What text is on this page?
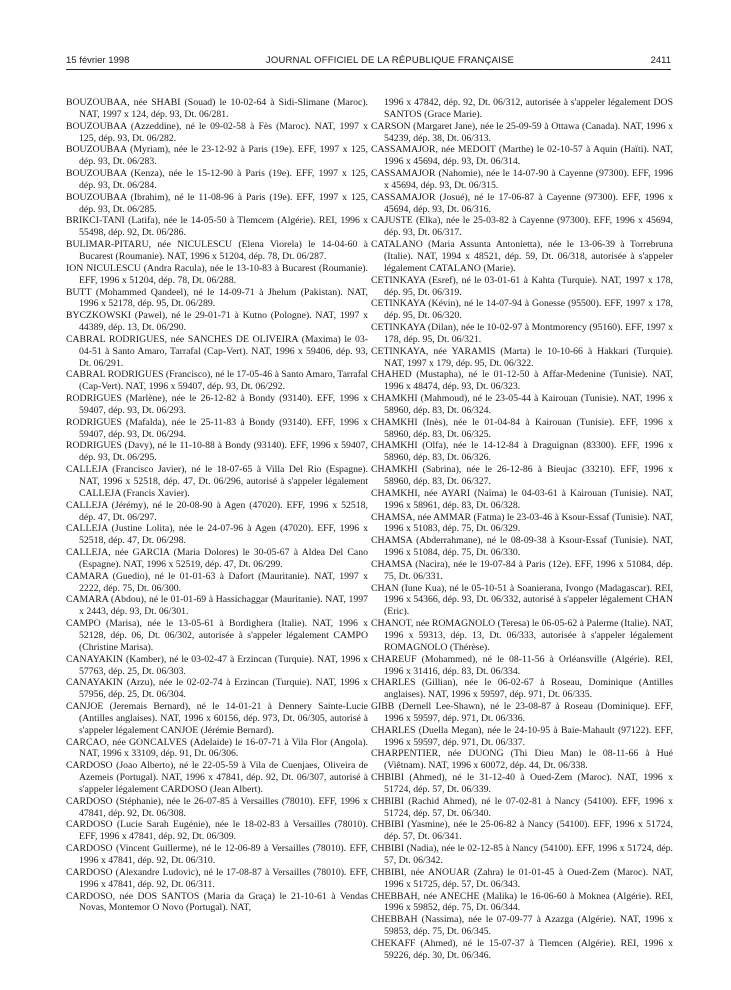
15 février 1998	JOURNAL OFFICIEL DE LA RÉPUBLIQUE FRANÇAISE	2411

BOUZOUBAA, née SHABI (Souad) le 10-02-64 à Sidi-Slimane (Maroc). NAT, 1997 x 124, dép. 93, Dt. 06/281.

BOUZOUBAA (Azzeddine), né le 09-02-58 à Fès (Maroc). NAT, 1997 x 125, dép. 93, Dt. 06/282.

BOUZOUBAA (Myriam), née le 23-12-92 à Paris (19e). EFF, 1997 x 125, dép. 93, Dt. 06/283.

BOUZOUBAA (Kenza), née le 15-12-90 à Paris (19e). EFF, 1997 x 125, dép. 93, Dt. 06/284.

BOUZOUBAA (Ibrahim), né le 11-08-96 à Paris (19e). EFF, 1997 x 125, dép. 93, Dt. 06/285.

BRIKCI-TANI (Latifa), née le 14-05-50 à Tlemcem (Algérie). REI, 1996 x 55498, dép. 92, Dt. 06/286.

BULIMAR-PITARU, née NICULESCU (Elena Viorela) le 14-04-60 à Bucarest (Roumanie). NAT, 1996 x 51204, dép. 78, Dt. 06/287.

ION NICULESCU (Andra Racula), née le 13-10-83 à Bucarest (Roumanie). EFF, 1996 x 51204, dép. 78, Dt. 06/288.

BUTT (Mohammed Qandeel), né le 14-09-71 à Jhelum (Pakistan). NAT, 1996 x 52178, dép. 95, Dt. 06/289.

BYCZKOWSKI (Pawel), né le 29-01-71 à Kutno (Pologne). NAT, 1997 x 44389, dép. 13, Dt. 06/290.

CABRAL RODRIGUES, née SANCHES DE OLIVEIRA (Maxima) le 03-04-51 à Santo Amaro, Tarrafal (Cap-Vert). NAT, 1996 x 59406, dép. 93, Dt. 06/291.

CABRAL RODRIGUES (Francisco), né le 17-05-46 à Santo Amaro, Tarrafal (Cap-Vert). NAT, 1996 x 59407, dép. 93, Dt. 06/292.

RODRIGUES (Marlène), née le 26-12-82 à Bondy (93140). EFF, 1996 x 59407, dép. 93, Dt. 06/293.

RODRIGUES (Mafalda), née le 25-11-83 à Bondy (93140). EFF, 1996 x 59407, dép. 93, Dt. 06/294.

RODRIGUES (Davy), né le 11-10-88 à Bondy (93140). EFF, 1996 x 59407, dép. 93, Dt. 06/295.

CALLEJA (Francisco Javier), né le 18-07-65 à Villa Del Rio (Espagne). NAT, 1996 x 52518, dép. 47, Dt. 06/296, autorisé à s'appeler légalement CALLEJA (Francis Xavier).

CALLEJA (Jérémy), né le 20-08-90 à Agen (47020). EFF, 1996 x 52518, dép. 47, Dt. 06/297.

CALLEJA (Justine Lolita), née le 24-07-96 à Agen (47020). EFF, 1996 x 52518, dép. 47, Dt. 06/298.

CALLEJA, née GARCIA (Maria Dolores) le 30-05-67 à Aldea Del Cano (Espagne). NAT, 1996 x 52519, dép. 47, Dt. 06/299.

CAMARA (Guedio), né le 01-01-63 à Dafort (Mauritanie). NAT, 1997 x 2222, dép. 75, Dt. 06/300.

CAMARA (Abdou), né le 01-01-69 à Hassichaggar (Mauritanie). NAT, 1997 x 2443, dép. 93, Dt. 06/301.

CAMPO (Marisa), née le 13-05-61 à Bordighera (Italie). NAT, 1996 x 52128, dép. 06, Dt. 06/302, autorisée à s'appeler légalement CAMPO (Christine Marisa).

CANAYAKIN (Kamber), né le 03-02-47 à Erzincan (Turquie). NAT, 1996 x 57763, dép. 25, Dt. 06/303.

CANAYAKIN (Arzu), née le 02-02-74 à Erzincan (Turquie). NAT, 1996 x 57956, dép. 25, Dt. 06/304.

CANJOE (Jeremais Bernard), né le 14-01-21 à Dennery Sainte-Lucie (Antilles anglaises). NAT, 1996 x 60156, dép. 973, Dt. 06/305, autorisé à s'appeler légalement CANJOE (Jérémie Bernard).

CARCAO, née GONCALVES (Adelaide) le 16-07-71 à Vila Flor (Angola). NAT, 1996 x 33109, dép. 91, Dt. 06/306.

CARDOSO (Joao Alberto), né le 22-05-59 à Vila de Cuenjaes, Oliveira de Azemeis (Portugal). NAT, 1996 x 47841, dép. 92, Dt. 06/307, autorisé à s'appeler légalement CARDOSO (Jean Albert).

CARDOSO (Stéphanie), née le 26-07-85 à Versailles (78010). EFF, 1996 x 47841, dép. 92, Dt. 06/308.

CARDOSO (Lucie Sarah Eugénie), née le 18-02-83 à Versailles (78010). EFF, 1996 x 47841, dép. 92, Dt. 06/309.

CARDOSO (Vincent Guillerme), né le 12-06-89 à Versailles (78010). EFF, 1996 x 47841, dép. 92, Dt. 06/310.

CARDOSO (Alexandre Ludovic), né le 17-08-87 à Versailles (78010). EFF, 1996 x 47841, dép. 92, Dt. 06/311.

CARDOSO, née DOS SANTOS (Maria da Graça) le 21-10-61 à Vendas Novas, Montemor O Novo (Portugal). NAT,

1996 x 47842, dép. 92, Dt. 06/312, autorisée à s'appeler légalement DOS SANTOS (Grace Marie).

CARSON (Margaret Jane), née le 25-09-59 à Ottawa (Canada). NAT, 1996 x 54239, dép. 38, Dt. 06/313.

CASSAMAJOR, née MEDOIT (Marthe) le 02-10-57 à Aquin (Haïti). NAT, 1996 x 45694, dép. 93, Dt. 06/314.

CASSAMAJOR (Nahomie), née le 14-07-90 à Cayenne (97300). EFF, 1996 x 45694, dép. 93, Dt. 06/315.

CASSAMAJOR (Josué), né le 17-06-87 à Cayenne (97300). EFF, 1996 x 45694, dép. 93, Dt. 06/316.

CAJUSTE (Elka), née le 25-03-82 à Cayenne (97300). EFF, 1996 x 45694, dép. 93, Dt. 06/317.

CATALANO (Maria Assunta Antonietta), née le 13-06-39 à Torrebruna (Italie). NAT, 1994 x 48521, dép. 59, Dt. 06/318, autorisée à s'appeler légalement CATALANO (Marie).

CETINKAYA (Esref), né le 03-01-61 à Kahta (Turquie). NAT, 1997 x 178, dép. 95, Dt. 06/319.

CETINKAYA (Kévin), né le 14-07-94 à Gonesse (95500). EFF, 1997 x 178, dép. 95, Dt. 06/320.

CETINKAYA (Dilan), née le 10-02-97 à Montmorency (95160). EFF, 1997 x 178, dép. 95, Dt. 06/321.

CETINKAYA, née YARAMIS (Marta) le 10-10-66 à Hakkari (Turquie). NAT, 1997 x 179, dép. 95, Dt. 06/322.

CHAHED (Mustapha), né le 01-12-50 à Affar-Medenine (Tunisie). NAT, 1996 x 48474, dép. 93, Dt. 06/323.

CHAMKHI (Mahmoud), né le 23-05-44 à Kairouan (Tunisie). NAT, 1996 x 58960, dép. 83, Dt. 06/324.

CHAMKHI (Inès), née le 01-04-84 à Kairouan (Tunisie). EFF, 1996 x 58960, dép. 83, Dt. 06/325.

CHAMKHI (Olfa), née le 14-12-84 à Draguignan (83300). EFF, 1996 x 58960, dép. 83, Dt. 06/326.

CHAMKHI (Sabrina), née le 26-12-86 à Bieujac (33210). EFF, 1996 x 58960, dép. 83, Dt. 06/327.

CHAMKHI, née AYARI (Naïma) le 04-03-61 à Kairouan (Tunisie). NAT, 1996 x 58961, dép. 83, Dt. 06/328.

CHAMSA, née AMMAR (Fatma) le 23-03-46 à Ksour-Essaf (Tunisie). NAT, 1996 x 51083, dép. 75, Dt. 06/329.

CHAMSA (Abderrahmane), né le 08-09-38 à Ksour-Essaf (Tunisie). NAT, 1996 x 51084, dép. 75, Dt. 06/330.

CHAMSA (Nacira), née le 19-07-84 à Paris (12e). EFF, 1996 x 51084, dép. 75, Dt. 06/331.

CHAN (Iune Kua), né le 05-10-51 à Soanierana, Ivongo (Madagascar). REI, 1996 x 54366, dép. 93, Dt. 06/332, autorisé à s'appeler légalement CHAN (Eric).

CHANOT, née ROMAGNOLO (Teresa) le 06-05-62 à Palerme (Italie). NAT, 1996 x 59313, dép. 13, Dt. 06/333, autorisée à s'appeler légalement ROMAGNOLO (Thérèse).

CHAREUF (Mohammed), né le 08-11-56 à Orléansville (Algérie). REI, 1996 x 31416, dép. 83, Dt. 06/334.

CHARLES (Gillian), née le 06-02-67 à Roseau, Dominique (Antilles anglaises). NAT, 1996 x 59597, dép. 971, Dt. 06/335.

GIBB (Dernell Lee-Shawn), né le 23-08-87 à Roseau (Dominique). EFF, 1996 x 59597, dép. 971, Dt. 06/336.

CHARLES (Duella Megan), née le 24-10-95 à Baie-Mahault (97122). EFF, 1996 x 59597, dép. 971, Dt. 06/337.

CHARPENTIER, née DUONG (Thi Dieu Man) le 08-11-66 à Hué (Viêtnam). NAT, 1996 x 60072, dép. 44, Dt. 06/338.

CHBIBI (Ahmed), né le 31-12-40 à Oued-Zem (Maroc). NAT, 1996 x 51724, dép. 57, Dt. 06/339.

CHBIBI (Rachid Ahmed), né le 07-02-81 à Nancy (54100). EFF, 1996 x 51724, dép. 57, Dt. 06/340.

CHBIBI (Yasmine), née le 25-06-82 à Nancy (54100). EFF, 1996 x 51724, dép. 57, Dt. 06/341.

CHBIBI (Nadia), née le 02-12-85 à Nancy (54100). EFF, 1996 x 51724, dép. 57, Dt. 06/342.

CHBIBI, née ANOUAR (Zahra) le 01-01-45 à Oued-Zem (Maroc). NAT, 1996 x 51725, dép. 57, Dt. 06/343.

CHEBBAH, née ANECHE (Malika) le 16-06-60 à Moknea (Algérie). REI, 1996 x 59852, dép. 75, Dt. 06/344.

CHEBBAH (Nassima), née le 07-09-77 à Azazga (Algérie). NAT, 1996 x 59853, dép. 75, Dt. 06/345.

CHEKAFF (Ahmed), né le 15-07-37 à Tlemcen (Algérie). REI, 1996 x 59226, dép. 30, Dt. 06/346.
